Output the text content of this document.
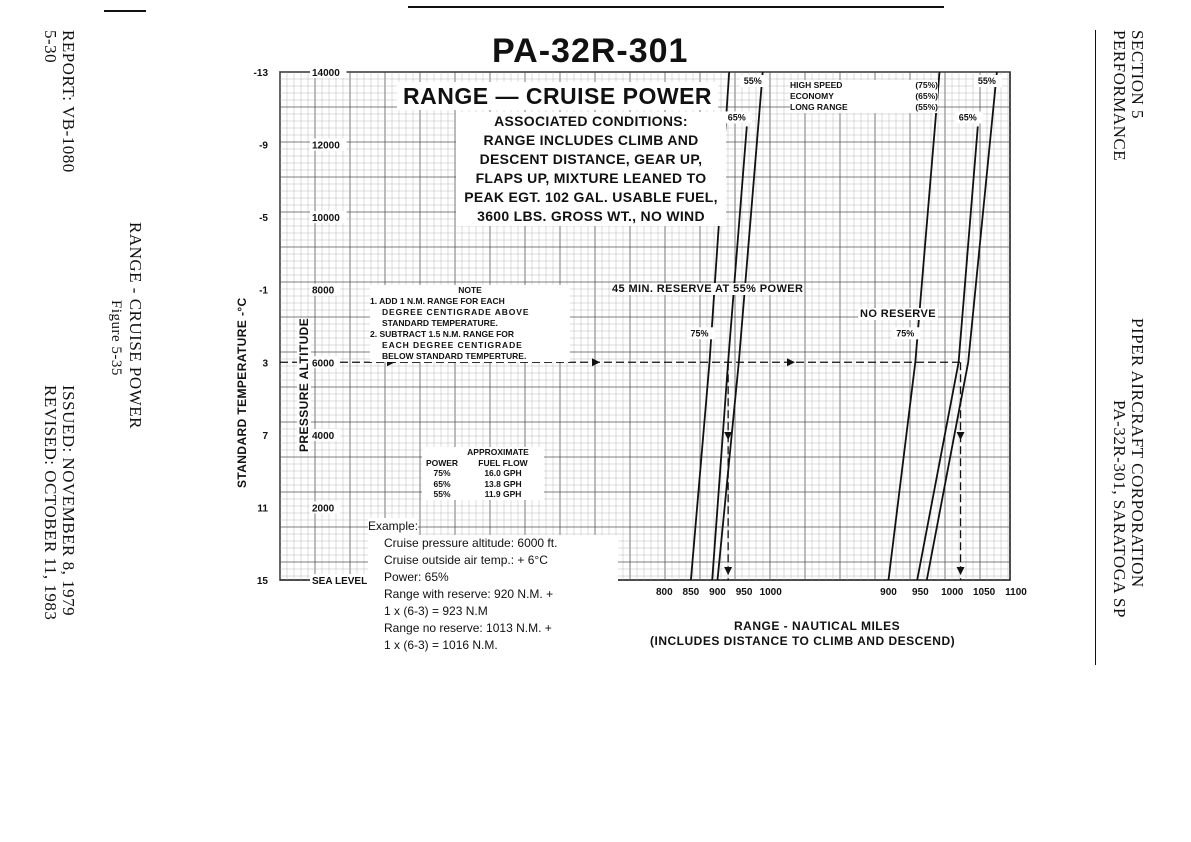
REPORT: VB-1080
5-30
ISSUED: NOVEMBER 8, 1979
REVISED: OCTOBER 11, 1983
RANGE - CRUISE POWER
Figure 5-35
SECTION 5
PERFORMANCE
PIPER AIRCRAFT CORPORATION
PA-32R-301, SARATOGA SP
75%
65%
55%
75%
65%
55%
SEA LEVEL
2000
4000
6000
8000
10000
12000
14000
15
11
7
3
-1
-5
-9
-13
800 850 900 950 1000	900 950 1000 1050 1100
PA-32R-301
RANGE — CRUISE POWER
ASSOCIATED CONDITIONS:
RANGE INCLUDES CLIMB AND
DESCENT DISTANCE, GEAR UP,
FLAPS UP, MIXTURE LEANED TO
PEAK EGT. 102 GAL. USABLE FUEL,
3600 LBS. GROSS WT., NO WIND
HIGH SPEED	(75%)
ECONOMY	(65%)
LONG RANGE	(55%)
NOTE
1. ADD 1 N.M. RANGE FOR EACH
DEGREE CENTIGRADE ABOVE
STANDARD TEMPERATURE.
2. SUBTRACT 1.5 N.M. RANGE FOR
EACH DEGREE CENTIGRADE
BELOW STANDARD TEMPERTURE.
45 MIN. RESERVE AT 55% POWER
NO RESERVE
APPROXIMATE
POWER	FUEL FLOW
75%	16.0 GPH
65%	13.8 GPH
55%	11.9 GPH
Example:
Cruise pressure altitude: 6000 ft.
Cruise outside air temp.: + 6°C
Power: 65%
Range with reserve: 920 N.M. +
1 x (6-3) = 923 N.M
Range no reserve: 1013 N.M. +
1 x (6-3) = 1016 N.M.
RANGE - NAUTICAL MILES
(INCLUDES DISTANCE TO CLIMB AND DESCEND)
PRESSURE ALTITUDE
STANDARD TEMPERATURE -°C
